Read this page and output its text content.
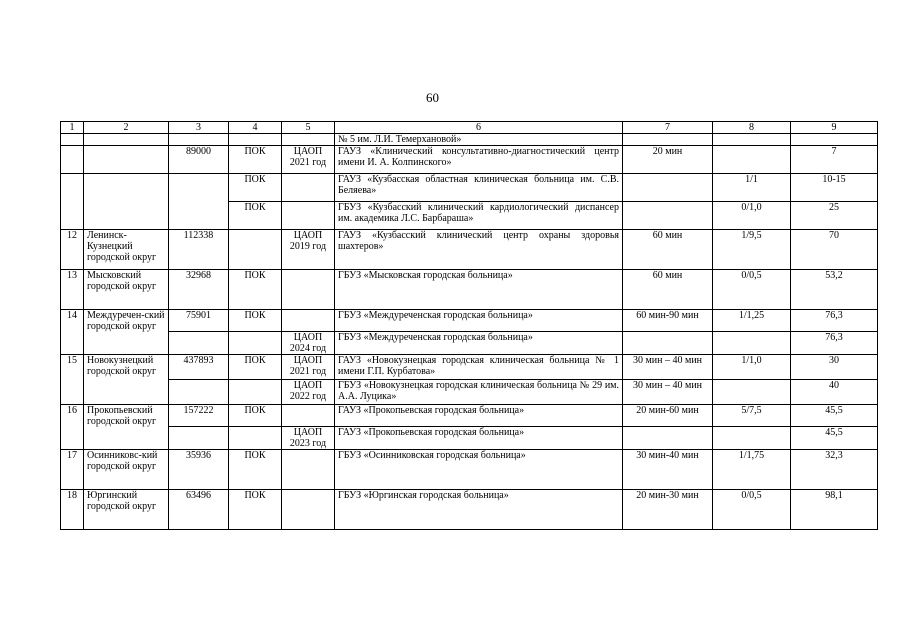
60
1	2	3	4	5	6	7	8	9
					№ 5 им. Л.И. Темерхановой»			
		89000	ПОК	ЦАОП 2021 год	ГАУЗ «Клинический консультативно-диагностический центр имени И. А. Колпинского»	20 мин		7
			ПОК		ГАУЗ «Кузбасская областная клиническая больница им. С.В. Беляева»		1/1	10-15
			ПОК		ГБУЗ «Кузбасский клинический кардиологический диспансер им. академика Л.С. Барбараша»		0/1,0	25
12	Ленинск-Кузнецкий городской округ	112338		ЦАОП 2019 год	ГАУЗ «Кузбасский клинический центр охраны здоровья шахтеров»	60 мин	1/9,5	70
13	Мысковский городской округ	32968	ПОК		ГБУЗ «Мысковская городская больница»	60 мин	0/0,5	53,2
14	Междуречен-ский городской округ	75901	ПОК		ГБУЗ «Междуреченская городская больница»	60 мин-90 мин	1/1,25	76,3
				ЦАОП 2024 год	ГБУЗ «Междуреченская городская больница»			76,3
15	Новокузнецкий городской округ	437893	ПОК	ЦАОП 2021 год	ГАУЗ «Новокузнецкая городская клиническая больница № 1 имени Г.П. Курбатова»	30 мин – 40 мин	1/1,0	30
				ЦАОП 2022 год	ГБУЗ «Новокузнецкая городская клиническая больница № 29 им. А.А. Луцика»	30 мин – 40 мин		40
16	Прокопьевский городской округ	157222	ПОК		ГАУЗ «Прокопьевская городская больница»	20 мин-60 мин	5/7,5	45,5
				ЦАОП 2023 год	ГАУЗ «Прокопьевская городская больница»			45,5
17	Осинниковс-кий городской округ	35936	ПОК		ГБУЗ «Осинниковская городская больница»	30 мин-40 мин	1/1,75	32,3
18	Юргинский городской округ	63496	ПОК		ГБУЗ «Юргинская городская больница»	20 мин-30 мин	0/0,5	98,1
